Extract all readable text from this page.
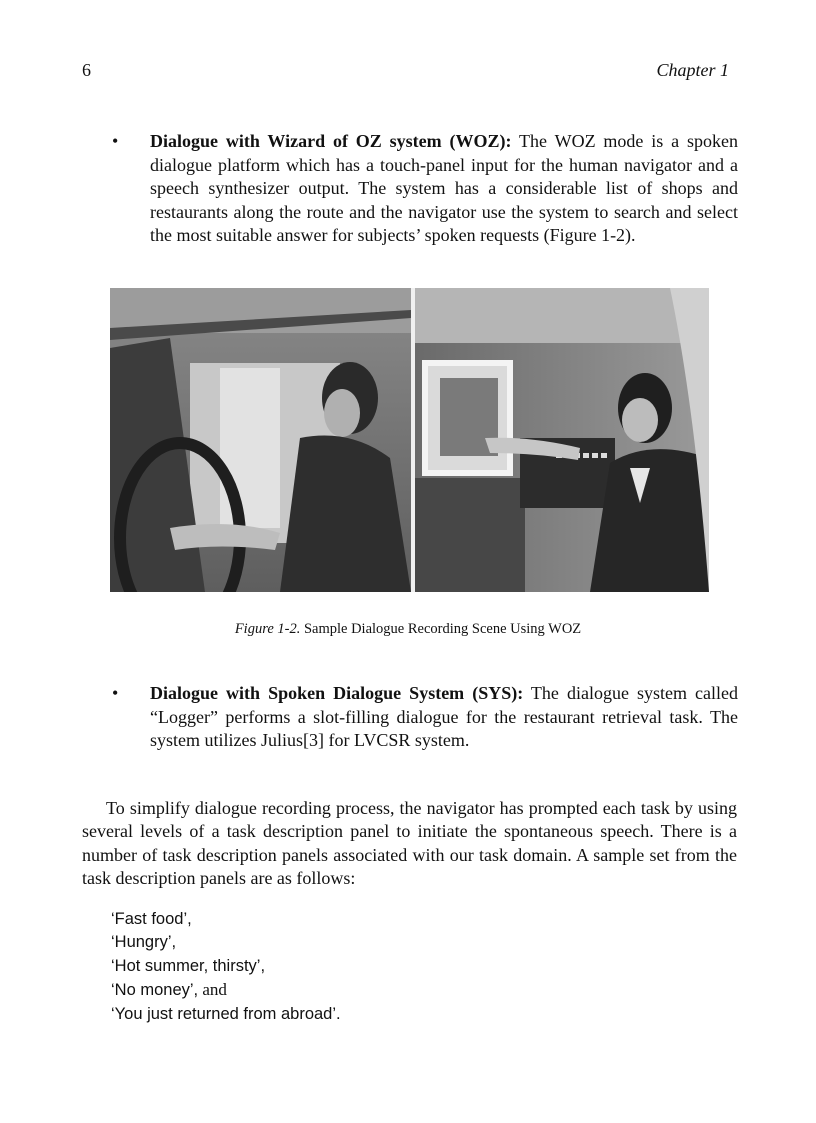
6	Chapter 1
• Dialogue with Wizard of OZ system (WOZ): The WOZ mode is a spoken dialogue platform which has a touch-panel input for the human navigator and a speech synthesizer output. The system has a considerable list of shops and restaurants along the route and the navigator use the system to search and select the most suitable answer for subjects’ spoken requests (Figure 1-2).
Figure 1-2. Sample Dialogue Recording Scene Using WOZ
• Dialogue with Spoken Dialogue System (SYS): The dialogue system called “Logger” performs a slot-filling dialogue for the restaurant retrieval task. The system utilizes Julius[3] for LVCSR system.
To simplify dialogue recording process, the navigator has prompted each task by using several levels of a task description panel to initiate the spontaneous speech. There is a number of task description panels associated with our task domain. A sample set from the task description panels are as follows:
‘Fast food’,
‘Hungry’,
‘Hot summer, thirsty’,
‘No money’, and
‘You just returned from abroad’.
